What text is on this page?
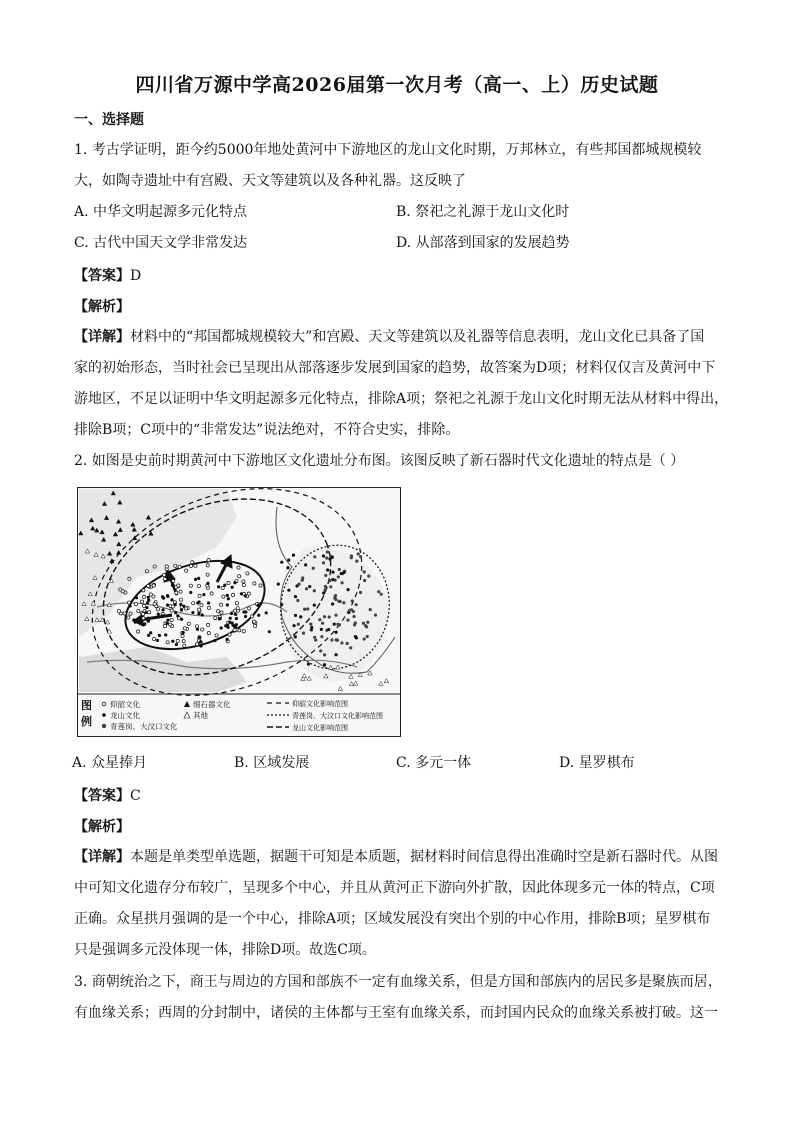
四川省万源中学高2026届第一次月考（高一、上）历史试题
一、选择题
1. 考古学证明，距今约5000年地处黄河中下游地区的龙山文化时期，万邦林立，有些邦国都城规模较
大，如陶寺遗址中有宫殿、天文等建筑以及各种礼器。这反映了
A. 中华文明起源多元化特点	B. 祭祀之礼源于龙山文化时
C. 古代中国天文学非常发达	D. 从部落到国家的发展趋势
【答案】D
【解析】
【详解】材料中的“邦国都城规模较大”和宫殿、天文等建筑以及礼器等信息表明，龙山文化已具备了国
家的初始形态，当时社会已呈现出从部落逐步发展到国家的趋势，故答案为D项；材料仅仅言及黄河中下
游地区，不足以证明中华文明起源多元化特点，排除A项；祭祀之礼源于龙山文化时期无法从材料中得出，
排除B项；C项中的“非常发达”说法绝对，不符合史实，排除。
2. 如图是史前时期黄河中下游地区文化遗址分布图。该图反映了新石器时代文化遗址的特点是（ ）
图
例
仰韶文化
龙山文化
青莲岗、大汶口文化
细石器文化
其他
仰韶文化影响范围
青莲岗、大汶口文化影响范围
龙山文化影响范围
A. 众星捧月	B. 区域发展	C. 多元一体	D. 星罗棋布
【答案】C
【解析】
【详解】本题是单类型单选题，据题干可知是本质题，据材料时间信息得出准确时空是新石器时代。从图
中可知文化遗存分布较广，呈现多个中心，并且从黄河正下游向外扩散，因此体现多元一体的特点，C项
正确。众星拱月强调的是一个中心，排除A项；区域发展没有突出个别的中心作用，排除B项；星罗棋布
只是强调多元没体现一体，排除D项。故选C项。
3. 商朝统治之下，商王与周边的方国和部族不一定有血缘关系，但是方国和部族内的居民多是聚族而居，
有血缘关系；西周的分封制中，诸侯的主体都与王室有血缘关系，而封国内民众的血缘关系被打破。这一
